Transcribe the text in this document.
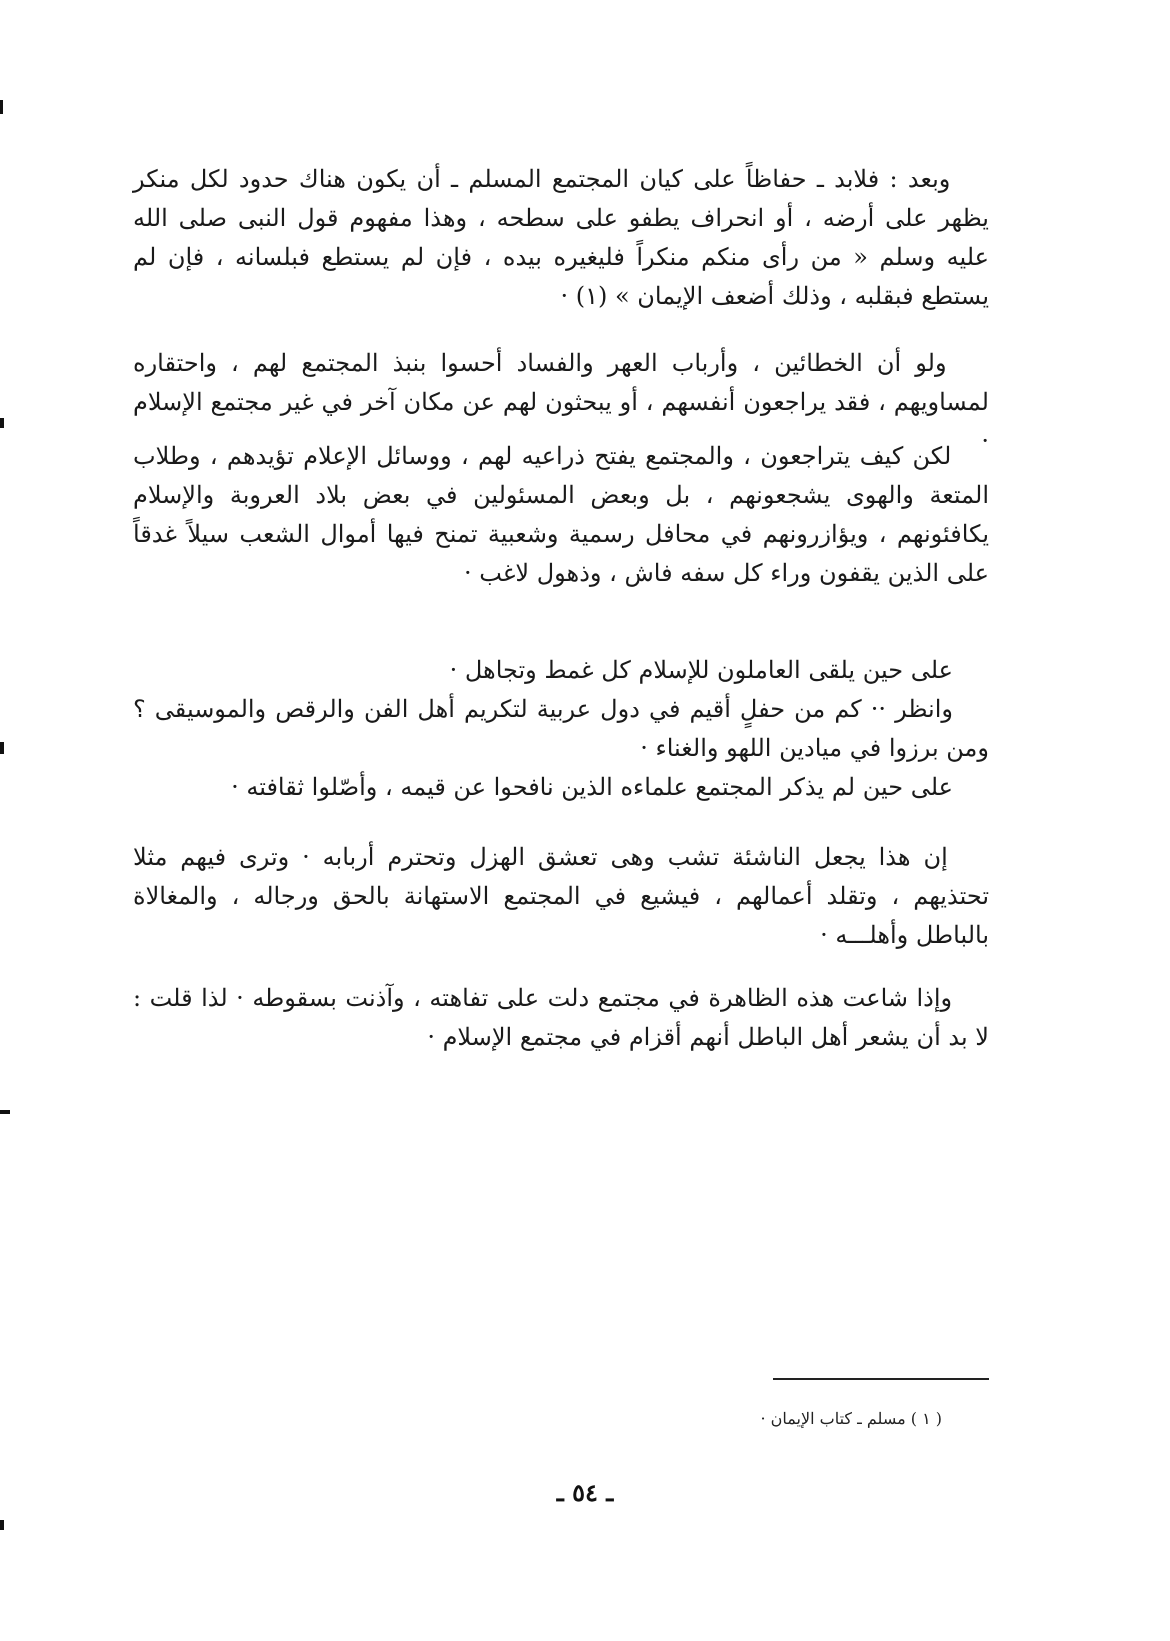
وبعد : فلابد ـ حفاظاً على كيان المجتمع المسلم ـ أن يكون هناك حدود لكل منكر يظهر على أرضه ، أو انحراف يطفو على سطحه ، وهذا مفهوم قول النبى صلى الله عليه وسلم « من رأى منكم منكراً فليغيره بيده ، فإن لم يستطع فبلسانه ، فإن لم يستطع فبقلبه ، وذلك أضعف الإيمان » (١) ·

ولو أن الخطائين ، وأرباب العهر والفساد أحسوا بنبذ المجتمع لهم ، واحتقاره لمساويهم ، فقد يراجعون أنفسهم ، أو يبحثون لهم عن مكان آخر في غير مجتمع الإسلام ·

لكن كيف يتراجعون ، والمجتمع يفتح ذراعيه لهم ، ووسائل الإعلام تؤيدهم ، وطلاب المتعة والهوى يشجعونهم ، بل وبعض المسئولين في بعض بلاد العروبة والإسلام يكافئونهم ، ويؤازرونهم في محافل رسمية وشعبية تمنح فيها أموال الشعب سيلاً غدقاً على الذين يقفون وراء كل سفه فاش ، وذهول لاغب ·

على حين يلقى العاملون للإسلام كل غمط وتجاهل ·

وانظر ·· كم من حفلٍ أقيم في دول عربية لتكريم أهل الفن والرقص والموسيقى ؟ ومن برزوا في ميادين اللهو والغناء ·

على حين لم يذكر المجتمع علماءه الذين نافحوا عن قيمه ، وأصّلوا ثقافته ·

إن هذا يجعل الناشئة تشب وهى تعشق الهزل وتحترم أربابه · وترى فيهم مثلا تحتذيهم ، وتقلد أعمالهم ، فيشيع في المجتمع الاستهانة بالحق ورجاله ، والمغالاة بالباطل وأهلـــه ·

وإذا شاعت هذه الظاهرة في مجتمع دلت على تفاهته ، وآذنت بسقوطه · لذا قلت : لا بد أن يشعر أهل الباطل أنهم أقزام في مجتمع الإسلام ·

( ١ ) مسلم ـ كتاب الإيمان ·
ـ ٥٤ ـ
